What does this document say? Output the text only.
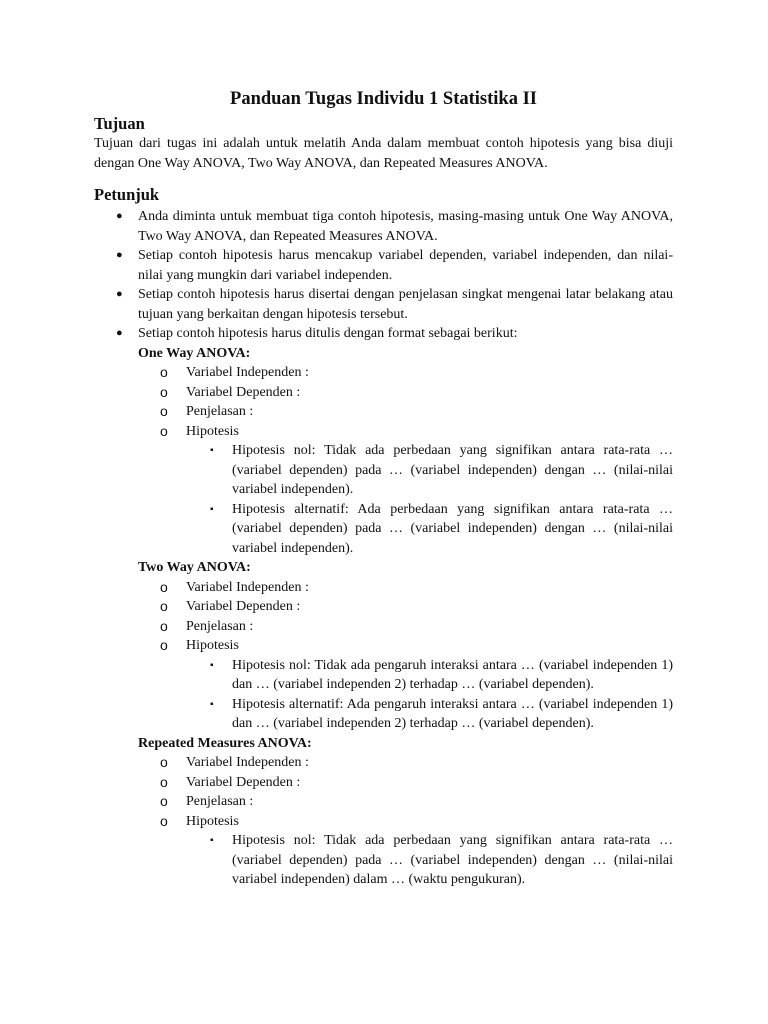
Panduan Tugas Individu 1 Statistika II
Tujuan

Tujuan dari tugas ini adalah untuk melatih Anda dalam membuat contoh hipotesis yang bisa diuji dengan One Way ANOVA, Two Way ANOVA, dan Repeated Measures ANOVA.

Petunjuk
● Anda diminta untuk membuat tiga contoh hipotesis, masing-masing untuk One Way ANOVA, Two Way ANOVA, dan Repeated Measures ANOVA.
● Setiap contoh hipotesis harus mencakup variabel dependen, variabel independen, dan nilai-nilai yang mungkin dari variabel independen.
● Setiap contoh hipotesis harus disertai dengan penjelasan singkat mengenai latar belakang atau tujuan yang berkaitan dengan hipotesis tersebut.
● Setiap contoh hipotesis harus ditulis dengan format sebagai berikut:
One Way ANOVA:
o Variabel Independen :
o Variabel Dependen :
o Penjelasan :
o Hipotesis
▪ Hipotesis nol: Tidak ada perbedaan yang signifikan antara rata-rata … (variabel dependen) pada … (variabel independen) dengan … (nilai-nilai variabel independen).
▪ Hipotesis alternatif: Ada perbedaan yang signifikan antara rata-rata … (variabel dependen) pada … (variabel independen) dengan … (nilai-nilai variabel independen).
Two Way ANOVA:
o Variabel Independen :
o Variabel Dependen :
o Penjelasan :
o Hipotesis
▪ Hipotesis nol: Tidak ada pengaruh interaksi antara … (variabel independen 1) dan … (variabel independen 2) terhadap … (variabel dependen).
▪ Hipotesis alternatif: Ada pengaruh interaksi antara … (variabel independen 1) dan … (variabel independen 2) terhadap … (variabel dependen).
Repeated Measures ANOVA:
o Variabel Independen :
o Variabel Dependen :
o Penjelasan :
o Hipotesis
▪ Hipotesis nol: Tidak ada perbedaan yang signifikan antara rata-rata … (variabel dependen) pada … (variabel independen) dengan … (nilai-nilai variabel independen) dalam … (waktu pengukuran).
